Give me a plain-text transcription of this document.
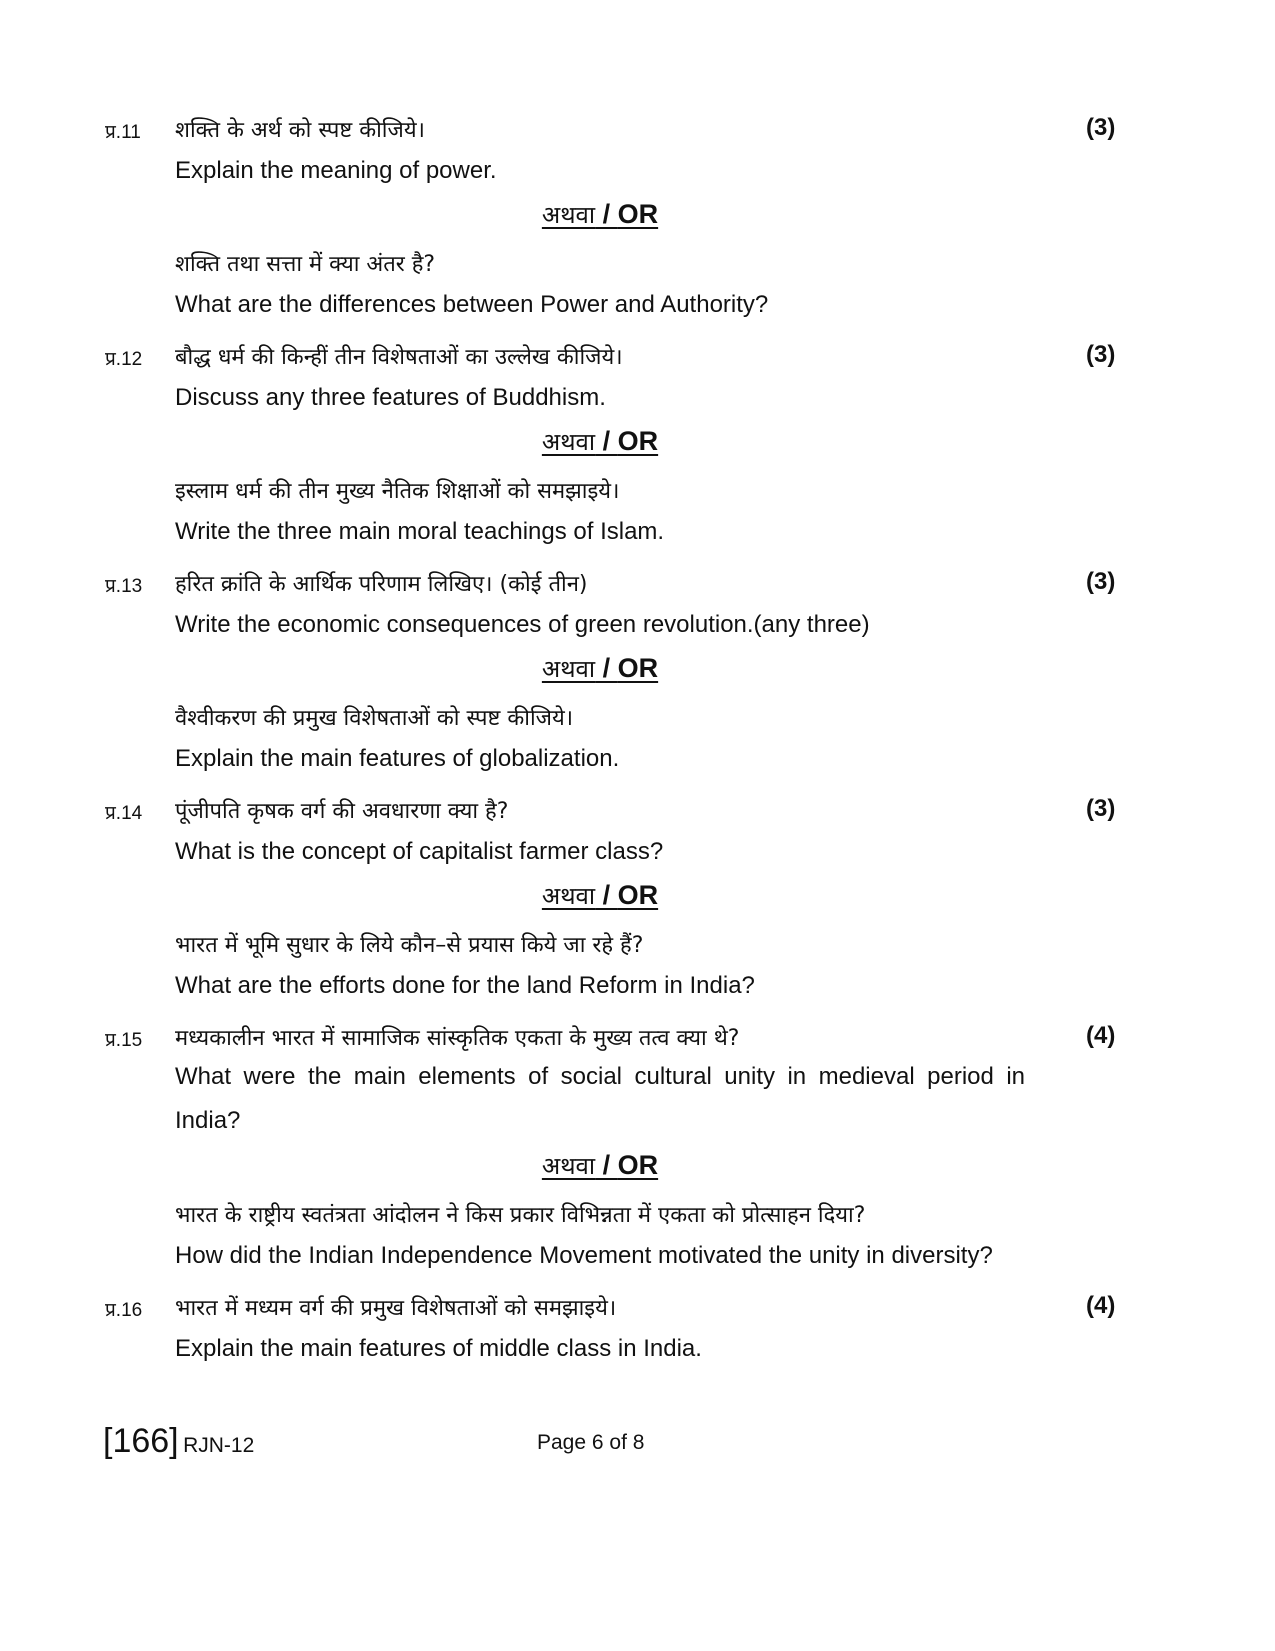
प्र.11 शक्ति के अर्थ को स्पष्ट कीजिये।	(3)
Explain the meaning of power.
अथवा / OR
शक्ति तथा सत्ता में क्या अंतर है?
What are the differences between Power and Authority?
प्र.12 बौद्ध धर्म की किन्हीं तीन विशेषताओं का उल्लेख कीजिये।	(3)
Discuss any three features of Buddhism.
अथवा / OR
इस्लाम धर्म की तीन मुख्य नैतिक शिक्षाओं को समझाइये।
Write the three main moral teachings of Islam.
प्र.13 हरित क्रांति के आर्थिक परिणाम लिखिए। (कोई तीन)	(3)
Write the economic consequences of green revolution.(any three)
अथवा / OR
वैश्वीकरण की प्रमुख विशेषताओं को स्पष्ट कीजिये।
Explain the main features of globalization.
प्र.14 पूंजीपति कृषक वर्ग की अवधारणा क्या है?	(3)
What is the concept of capitalist farmer class?
अथवा / OR
भारत में भूमि सुधार के लिये कौन–से प्रयास किये जा रहे हैं?
What are the efforts done for the land Reform in India?
प्र.15 मध्यकालीन भारत में सामाजिक सांस्कृतिक एकता के मुख्य तत्व क्या थे?	(4)
What were the main elements of social cultural unity in medieval period in India?
अथवा / OR
भारत के राष्ट्रीय स्वतंत्रता आंदोलन ने किस प्रकार विभिन्नता में एकता को प्रोत्साहन दिया?
How did the Indian Independence Movement motivated the unity in diversity?
प्र.16 भारत में मध्यम वर्ग की प्रमुख विशेषताओं को समझाइये।	(4)
Explain the main features of middle class in India.
[166] RJN-12	Page 6 of 8
